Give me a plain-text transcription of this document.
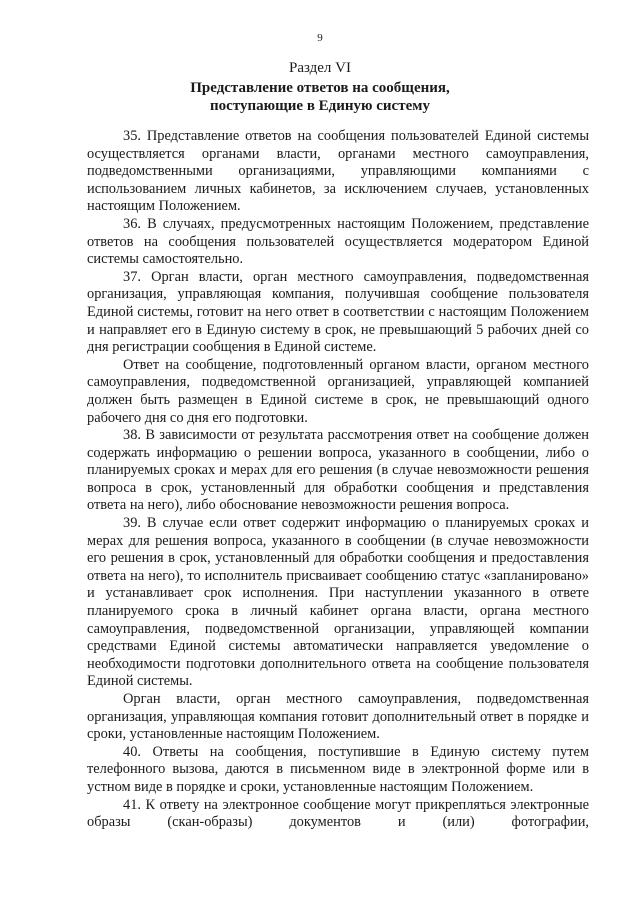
9
Раздел VI
Представление ответов на сообщения,
поступающие в Единую систему

35. Представление ответов на сообщения пользователей Единой системы осуществляется органами власти, органами местного самоуправления, подведомственными организациями, управляющими компаниями с использованием личных кабинетов, за исключением случаев, установленных настоящим Положением.

36. В случаях, предусмотренных настоящим Положением, представление ответов на сообщения пользователей осуществляется модератором Единой системы самостоятельно.

37. Орган власти, орган местного самоуправления, подведомственная организация, управляющая компания, получившая сообщение пользователя Единой системы, готовит на него ответ в соответствии с настоящим Положением и направляет его в Единую систему в срок, не превышающий 5 рабочих дней со дня регистрации сообщения в Единой системе.

Ответ на сообщение, подготовленный органом власти, органом местного самоуправления, подведомственной организацией, управляющей компанией должен быть размещен в Единой системе в срок, не превышающий одного рабочего дня со дня его подготовки.

38. В зависимости от результата рассмотрения ответ на сообщение должен содержать информацию о решении вопроса, указанного в сообщении, либо о планируемых сроках и мерах для его решения (в случае невозможности решения вопроса в срок, установленный для обработки сообщения и представления ответа на него), либо обоснование невозможности решения вопроса.

39. В случае если ответ содержит информацию о планируемых сроках и мерах для решения вопроса, указанного в сообщении (в случае невозможности его решения в срок, установленный для обработки сообщения и предоставления ответа на него), то исполнитель присваивает сообщению статус «запланировано» и устанавливает срок исполнения. При наступлении указанного в ответе планируемого срока в личный кабинет органа власти, органа местного самоуправления, подведомственной организации, управляющей компании средствами Единой системы автоматически направляется уведомление о необходимости подготовки дополнительного ответа на сообщение пользователя Единой системы.

Орган власти, орган местного самоуправления, подведомственная организация, управляющая компания готовит дополнительный ответ в порядке и сроки, установленные настоящим Положением.

40. Ответы на сообщения, поступившие в Единую систему путем телефонного вызова, даются в письменном виде в электронной форме или в устном виде в порядке и сроки, установленные настоящим Положением.

41. К ответу на электронное сообщение могут прикрепляться электронные образы (скан-образы) документов и (или) фотографии,
